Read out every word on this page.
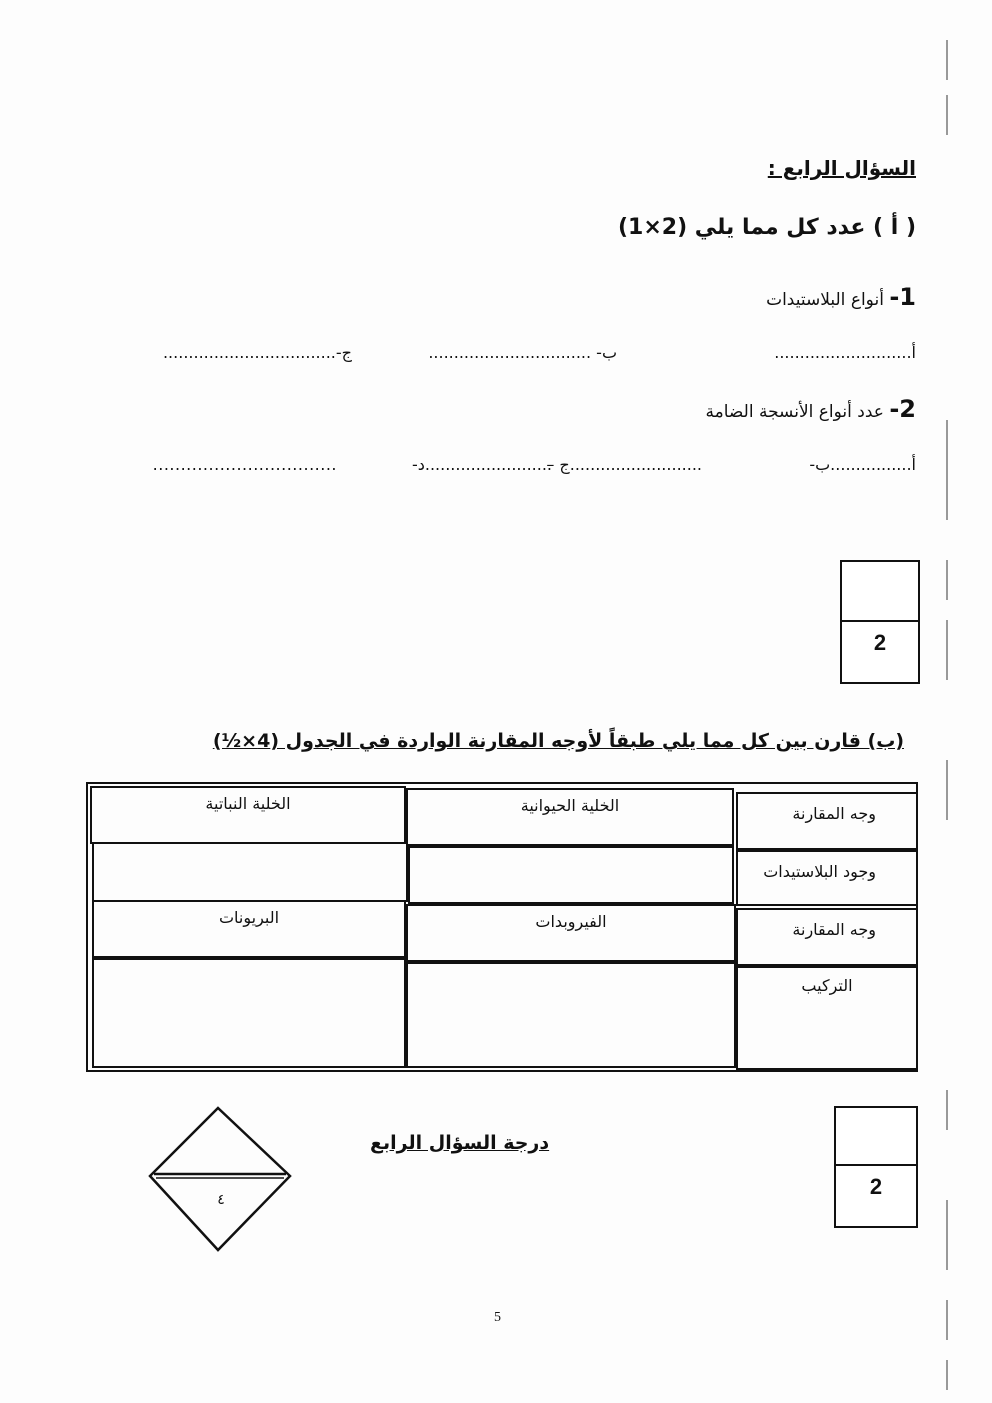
السؤال الرابع :
( أ ) عدد كل مما يلي (2×1)
1- أنواع البلاستيدات
أ...........................
ب- ................................
ج-..................................
2- عدد أنواع الأنسجة الضامة
أ................ب-
..........................ج –
.........................د-
.................................
2
(ب) قارن بين كل مما يلي طبقاً لأوجه المقارنة الواردة في الجدول (4×½)
وجه المقارنة
الخلية الحيوانية
الخلية النباتية
وجود البلاستيدات
وجه المقارنة
الفيروبدات
البريونات
التركيب
درجة السؤال الرابع
٤
2
5
